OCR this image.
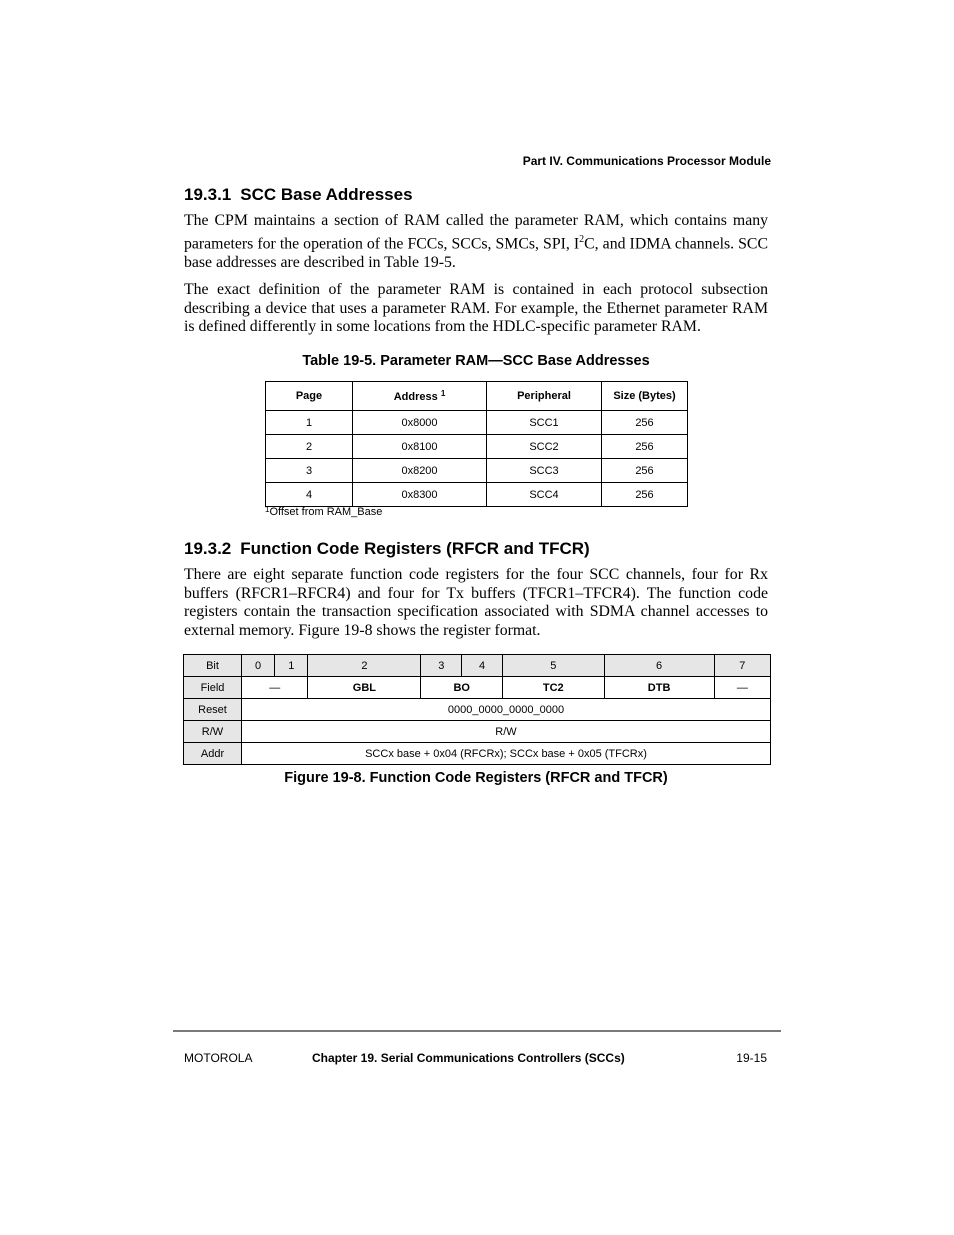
Part IV. Communications Processor Module
19.3.1 SCC Base Addresses

The CPM maintains a section of RAM called the parameter RAM, which contains many parameters for the operation of the FCCs, SCCs, SMCs, SPI, $I^2C$, and IDMA channels. SCC base addresses are described in Table 19-5.

The exact definition of the parameter RAM is contained in each protocol subsection describing a device that uses a parameter RAM. For example, the Ethernet parameter RAM is defined differently in some locations from the HDLC-specific parameter RAM.

Table 19-5. Parameter RAM—SCC Base Addresses
Page	Address $^1$	Peripheral	Size (Bytes)
1	0x8000	SCC1	256
2	0x8100	SCC2	256
3	0x8200	SCC3	256
4	0x8300	SCC4	256
$^1$Offset from RAM_Base
19.3.2 Function Code Registers (RFCR and TFCR)

There are eight separate function code registers for the four SCC channels, four for Rx buffers (RFCR1–RFCR4) and four for Tx buffers (TFCR1–TFCR4). The function code registers contain the transaction specification associated with SDMA channel accesses to external memory. Figure 19-8 shows the register format.

Bit	0	1	2	3	4	5	6	7
Field	—		GBL	BO		TC2	DTB	—
Reset	0000_0000_0000_0000							
R/W	R/W							
Addr	SCCx base + 0x04 (RFCRx); SCCx base + 0x05 (TFCRx)							
Figure 19-8. Function Code Registers (RFCR and TFCR)
MOTOROLA	Chapter 19. Serial Communications Controllers (SCCs)	19-15
